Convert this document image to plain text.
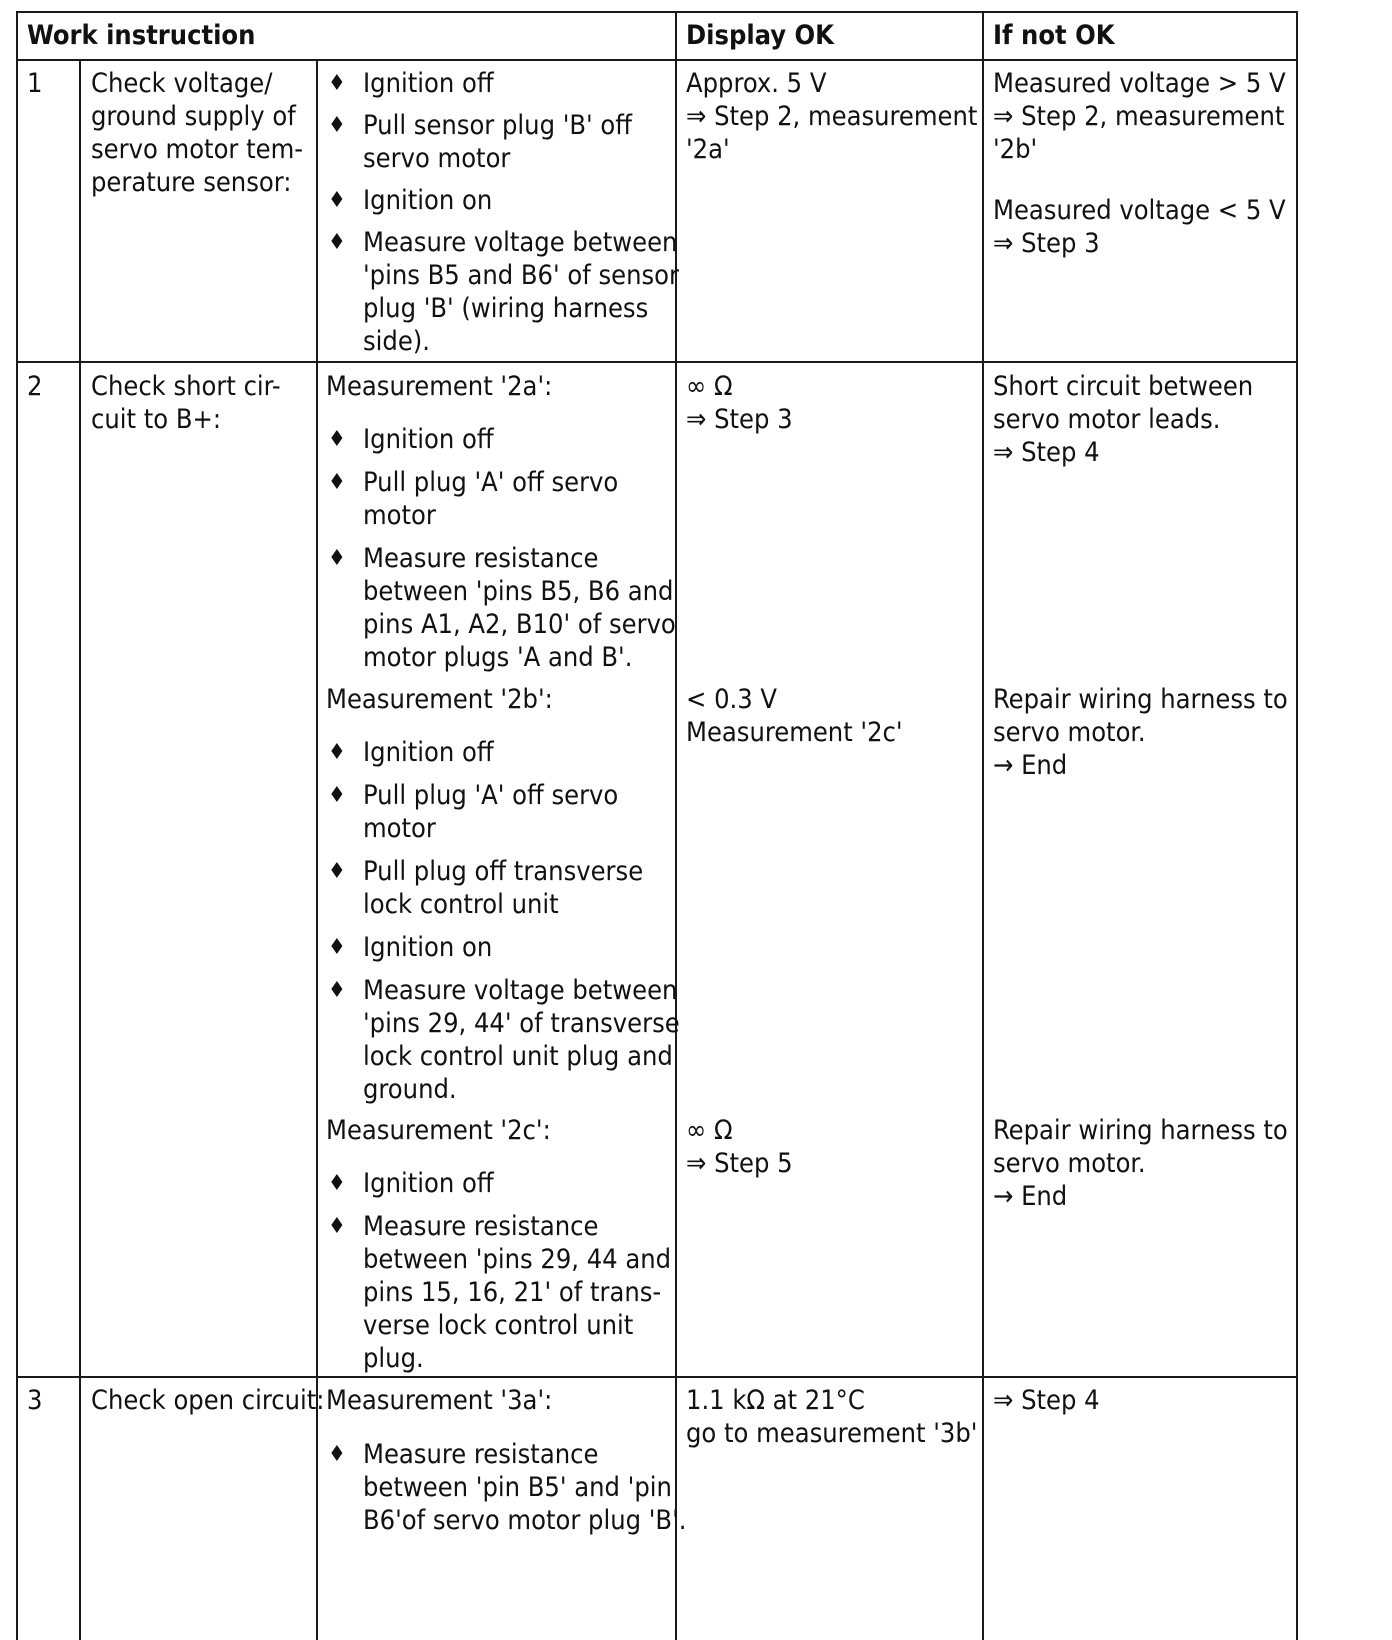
Work instruction	Display OK	If not OK
1 Check voltage/
ground supply of
servo motor tem-
perature sensor:
♦ Ignition off
♦ Pull sensor plug 'B' off
servo motor
♦ Ignition on
♦ Measure voltage between
'pins B5 and B6' of sensor
plug 'B' (wiring harness
side).
Approx. 5 V
⇒ Step 2, measurement
'2a'
Measured voltage > 5 V
⇒ Step 2, measurement
'2b'
Measured voltage < 5 V
⇒ Step 3
2 Check short cir-
cuit to B+:
Measurement '2a':
♦ Ignition off
♦ Pull plug 'A' off servo
motor
♦ Measure resistance
between 'pins B5, B6 and
pins A1, A2, B10' of servo
motor plugs 'A and B'.
∞ Ω
⇒ Step 3
Short circuit between
servo motor leads.
⇒ Step 4
Measurement '2b':
♦ Ignition off
♦ Pull plug 'A' off servo
motor
♦ Pull plug off transverse
lock control unit
♦ Ignition on
♦ Measure voltage between
'pins 29, 44' of transverse
lock control unit plug and
ground.
< 0.3 V
Measurement '2c'
Repair wiring harness to
servo motor.
→ End
Measurement '2c':
♦ Ignition off
♦ Measure resistance
between 'pins 29, 44 and
pins 15, 16, 21' of trans-
verse lock control unit
plug.
∞ Ω
⇒ Step 5
Repair wiring harness to
servo motor.
→ End
3 Check open circuit: Measurement '3a':
♦ Measure resistance
between 'pin B5' and 'pin
B6'of servo motor plug 'B'.
1.1 kΩ at 21°C
go to measurement '3b'
⇒ Step 4
